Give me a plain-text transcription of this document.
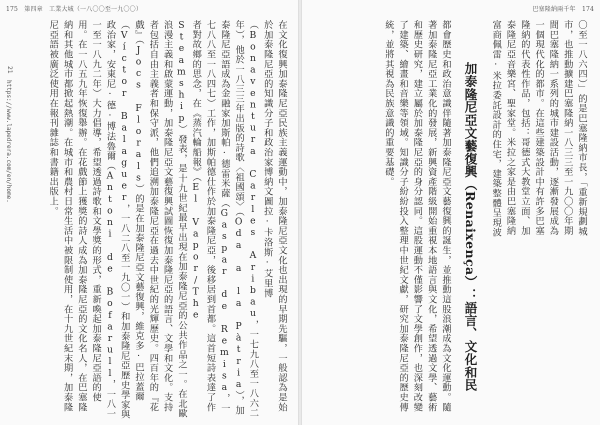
175　第四章　工業大城（一八〇〇至一九〇〇）
21
https://www.lapedrera.com/en/home.	在文化復興加泰隆尼亞民族主義運動中，加泰隆尼亞文化也出現的早期先驅，一般認為是始於加泰隆尼亞的知識分子和政治家博納文圖拉·卡洛斯·艾里博（Bonaventura Carles Aribau，一七九八至一八六二年），他於一八三三年出版的詩歌〈祖國頌〉（Oda a la Pàtria），加泰隆尼亞語成為金融家加斯帕·德雷米薩（Gaspar de Remisa，一七八八至一八四七）工作，加斯帕德仕作於加泰隆尼亞，後移居到首都。這首短詩表達了作者對故鄉的思念，在《蒸汽輪船報》（El Vapor/The Steamship）發表，是十九世紀最早出現在加泰隆尼亞的公共作品之一。在北歐浪漫主義和啟蒙運動，加泰隆尼亞文藝復興試圖恢復加泰隆尼亞的語言、文學和文化。支持者包括自由主義者和保守派，他們追溯加泰隆尼亞在過去中世紀的光輝歷史。四百年的『花戲』（Jocs Florals）的是在加泰隆尼亞文藝復興，維克多·巴拉蓋爾（Víctor Balaguer，一八二八至一九〇一）和加泰隆尼亞歷史學家與政治家，安東尼·德·博法魯爾（Antoni de Bofarull，一八一一至一八九二年）大力倡導，希望透過詩歌和文學獎的形式，重新喚起加泰隆尼亞語的使用。在一八五九年恢復舉辦。在花戲節上獲獎的詩人成為加泰隆尼亞的文化名人，在巴塞隆納和其他城市都掀起熱潮。在城市和農村日常生活中被限制使用，在十九世紀末期，加泰隆尼亞語被廣泛使用在報刊雜誌和書籍出版上。

巴塞隆納兩千年　174

〇至一八六四）」的是巴塞隆納市長，「重新規劃城市，也推動擴建巴塞隆納一八三三至一九〇〇年期間巴塞隆納一系列的城市建設活動，逐漸發展成為一個現代化的都市。在這些建築設計中有許多巴塞隆納的代表性作品，包括：哥德式大教堂立面、加泰隆尼亞音樂宮、聖家堂。米拉之家是由巴塞隆納富商佩雷·米拉委託設計的住宅，建築整體呈現波

加泰隆尼亞文藝復興（Renaixença）：語言、文化和民

都會歷史和政治意識伴隨著加泰隆尼亞文藝復興的誕生，並推動這股浪潮成為文化運動。隨著加泰隆尼亞工業化的發展，新興資產階級開始重視本地語言與文化，希望透過文學、藝術和歷史研究，建立屬於加泰隆尼亞的身分認同。這股運動不僅影響了文學創作，也深刻改變了建築、繪畫和音樂等領域。知識分子紛紛投入整理中世紀文獻，研究加泰隆尼亞的歷史傳統，並將其視為民族意識的重要基礎。
